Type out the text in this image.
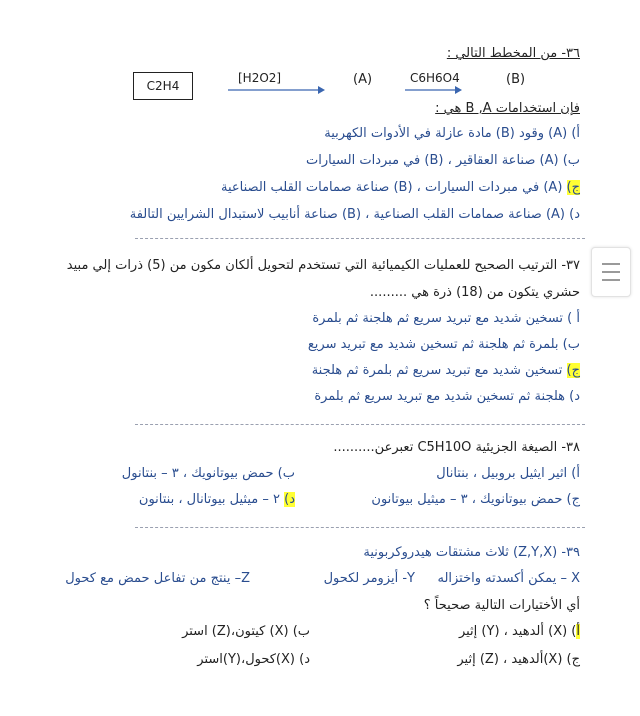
٣٦- من المخطط التالي :
C2H4
[H2O2]	(A)	C6H6O4	(B)
فإن استخدامات B ,A هي :
أ) (A) وقود (B) مادة عازلة في الأدوات الكهربية
ب) (A) صناعة العقاقير ، (B) في مبردات السيارات
ج) (A) في مبردات السيارات ، (B) صناعة صمامات القلب الصناعية
د) (A) صناعة صمامات القلب الصناعية ، (B) صناعة أنابيب لاستبدال الشرايين التالفة
٣٧- الترتيب الصحيح للعمليات الكيميائية التي تستخدم لتحويل ألكان مكون من (5) ذرات إلي مبيد
حشري يتكون من (18) ذرة هي .........
أ ) تسخين شديد مع تبريد سريع ثم هلجنة ثم بلمرة
ب) بلمرة ثم هلجنة ثم تسخين شديد مع تبريد سريع
ج) تسخين شديد مع تبريد سريع ثم بلمرة ثم هلجنة
د) هلجنة ثم تسخين شديد مع تبريد سريع ثم بلمرة
٣٨- الصيغة الجزيئية C5H10O تعبرعن..........
أ) اثير ايثيل بروبيل ، بنتانال
ب) حمض بيوتانويك ، ٣ – بنتانول
ج) حمض بيوتانويك ، ٣ – ميثيل بيوتانون
د) ٢ – ميثيل بيوتانال ، بنتانون
٣٩- (Z,Y,X) ثلاث مشتقات هيدروكربونية
X – يمكن أكسدته واختزاله
Y- أيزومر لكحول
Z– ينتج من تفاعل حمض مع كحول
أي الأختيارات التالية صحيحاً ؟
أ) (X) ألدهيد ، (Y) إثير
ب) (X) كيتون،(Z) استر
ج) (X)ألدهيد ، (Z) إثير
د) (X)كحول،(Y)استر
